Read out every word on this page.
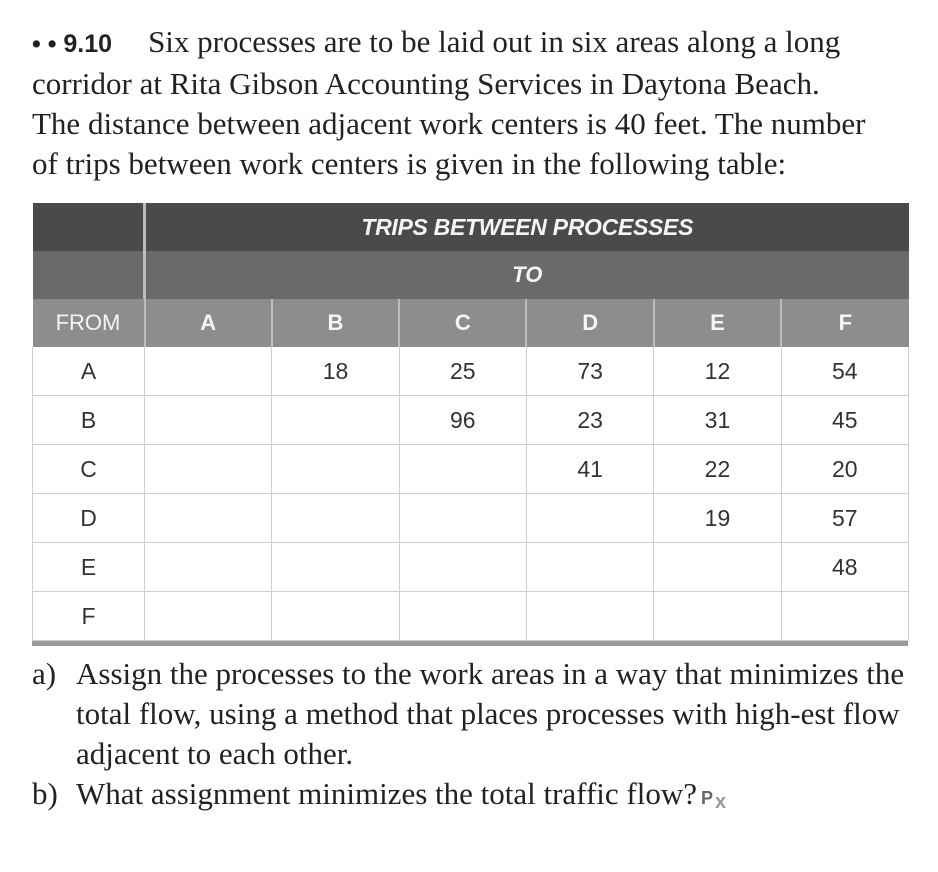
• • 9.10 Six processes are to be laid out in six areas along a long
corridor at Rita Gibson Accounting Services in Daytona Beach.
The distance between adjacent work centers is 40 feet. The number
of trips between work centers is given in the following table:
	TRIPS BETWEEN PROCESSES					
	TO					
FROM	A	B	C	D	E	F
A		18	25	73	12	54
B			96	23	31	45
C				41	22	20
D					19	57
E						48
F						
a) Assign the processes to the work areas in a way that minimizes the total flow, using a method that places processes with high-est flow adjacent to each other.
b) What assignment minimizes the total traffic flow? P x
